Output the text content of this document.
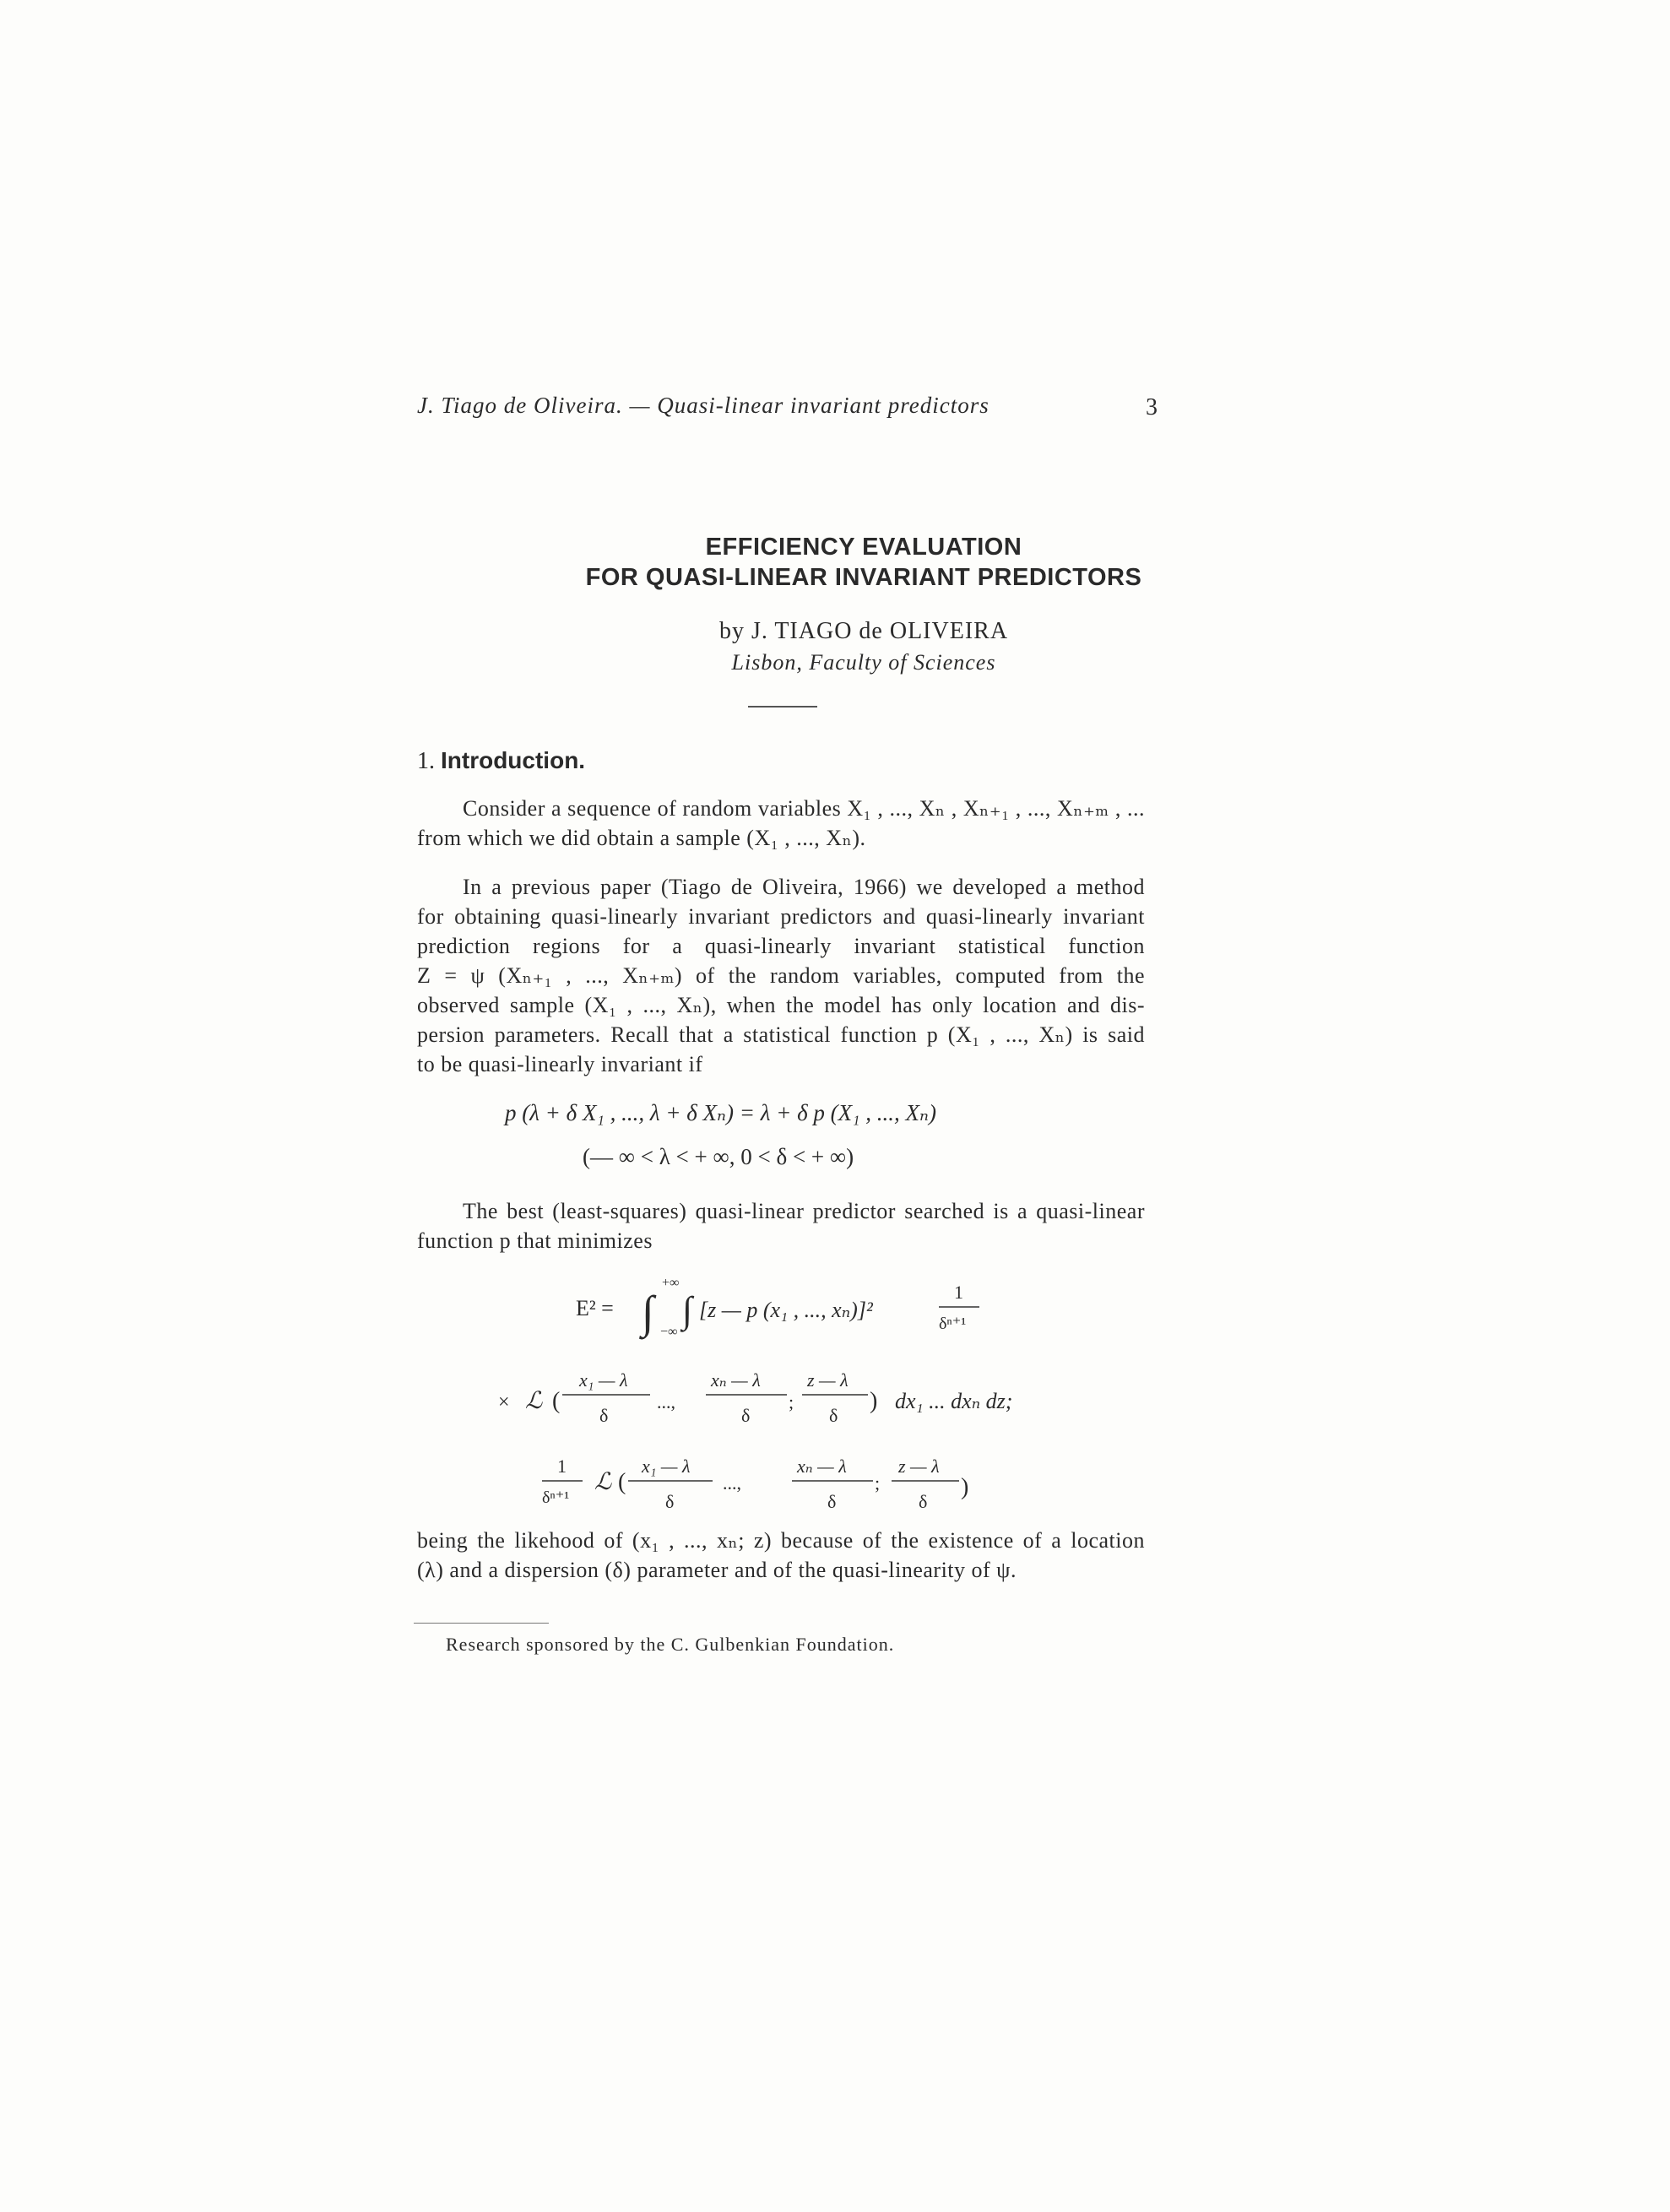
J. Tiago de Oliveira. — Quasi-linear invariant predictors	3
EFFICIENCY EVALUATION
FOR QUASI-LINEAR INVARIANT PREDICTORS
by J. TIAGO de OLIVEIRA
Lisbon, Faculty of Sciences
1. Introduction.
Consider a sequence of random variables X₁ , ..., Xₙ , Xₙ₊₁ , ..., Xₙ₊ₘ , ...
from which we did obtain a sample (X₁ , ..., Xₙ).
In a previous paper (Tiago de Oliveira, 1966) we developed a method
for obtaining quasi-linearly invariant predictors and quasi-linearly invariant
prediction regions for a quasi-linearly invariant statistical function
Z = ψ (Xₙ₊₁ , ..., Xₙ₊ₘ) of the random variables, computed from the
observed sample (X₁ , ..., Xₙ), when the model has only location and dis-
persion parameters. Recall that a statistical function p (X₁ , ..., Xₙ) is said
to be quasi-linearly invariant if
p (λ + δ X₁ , ..., λ + δ Xₙ) = λ + δ p (X₁ , ..., Xₙ)
(— ∞ < λ < + ∞, 0 < δ < + ∞)
The best (least-squares) quasi-linear predictor searched is a quasi-linear
function p that minimizes
E² = ∫
+∞
−∞
∫ [z — p (x₁ , ..., xₙ)]²
1
δⁿ⁺¹
× ℒ (
x₁ — λ
δ
...,
xₙ — λ
δ
;
z — λ
δ
) dx₁ ... dxₙ dz;
1
δⁿ⁺¹
ℒ (
x₁ — λ
δ
...,
xₙ — λ
δ
;
z — λ
δ
)
being the likehood of (x₁ , ..., xₙ; z) because of the existence of a location
(λ) and a dispersion (δ) parameter and of the quasi-linearity of ψ.
Research sponsored by the C. Gulbenkian Foundation.
